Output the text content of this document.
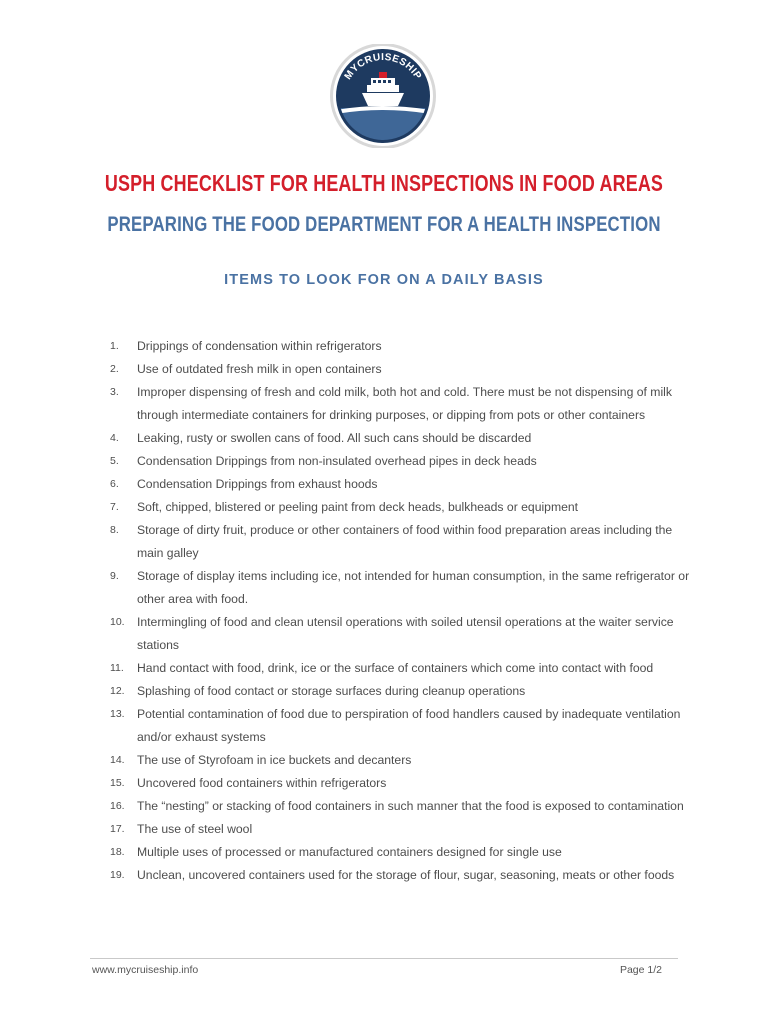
MYCRUISESHIP
USPH CHECKLIST FOR HEALTH INSPECTIONS IN FOOD AREAS
PREPARING THE FOOD DEPARTMENT FOR A HEALTH INSPECTION
ITEMS TO LOOK FOR ON A DAILY BASIS
1.	Drippings of condensation within refrigerators
2.	Use of outdated fresh milk in open containers
3.	Improper dispensing of fresh and cold milk, both hot and cold. There must be not dispensing of milk through intermediate containers for drinking purposes, or dipping from pots or other containers
4.	Leaking, rusty or swollen cans of food. All such cans should be discarded
5.	Condensation Drippings from non-insulated overhead pipes in deck heads
6.	Condensation Drippings from exhaust hoods
7.	Soft, chipped, blistered or peeling paint from deck heads, bulkheads or equipment
8.	Storage of dirty fruit, produce or other containers of food within food preparation areas including the main galley
9.	Storage of display items including ice, not intended for human consumption, in the same refrigerator or other area with food.
10.	Intermingling of food and clean utensil operations with soiled utensil operations at the waiter service stations
11.	Hand contact with food, drink, ice or the surface of containers which come into contact with food
12.	Splashing of food contact or storage surfaces during cleanup operations
13.	Potential contamination of food due to perspiration of food handlers caused by inadequate ventilation and/or exhaust systems
14.	The use of Styrofoam in ice buckets and decanters
15.	Uncovered food containers within refrigerators
16.	The “nesting” or stacking of food containers in such manner that the food is exposed to contamination
17.	The use of steel wool
18.	Multiple uses of processed or manufactured containers designed for single use
19.	Unclean, uncovered containers used for the storage of flour, sugar, seasoning, meats or other foods
www.mycruiseship.info	Page 1/2
